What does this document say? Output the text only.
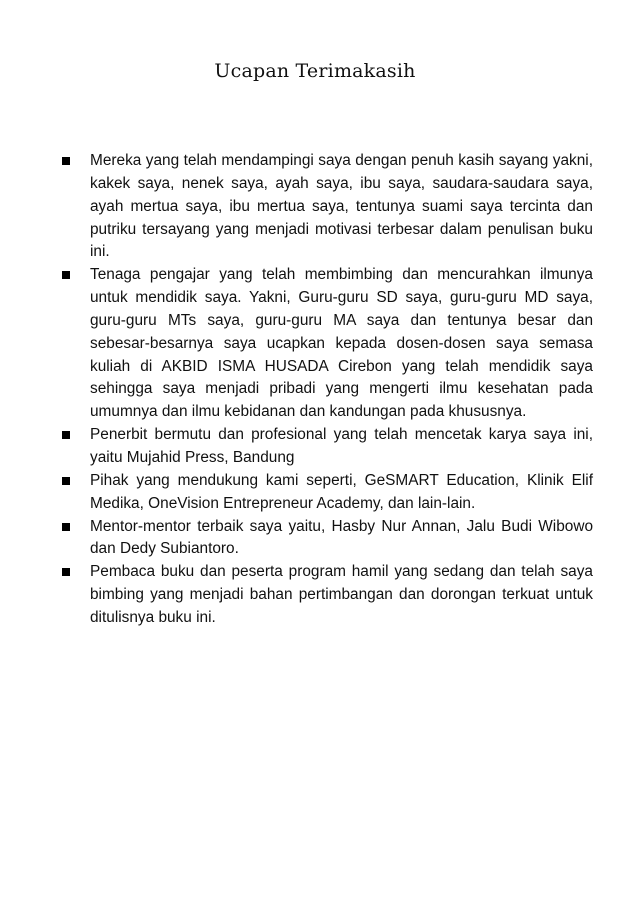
Ucapan Terimakasih
Mereka yang telah mendampingi saya dengan penuh kasih sayang yakni, kakek saya, nenek saya, ayah saya, ibu saya, saudara-saudara saya, ayah mertua saya, ibu mertua saya, tentunya suami saya tercinta dan putriku tersayang yang menjadi motivasi terbesar dalam penulisan buku ini.
Tenaga pengajar yang telah membimbing dan mencurahkan ilmunya untuk mendidik saya. Yakni, Guru-guru SD saya, guru-guru MD saya, guru-guru MTs saya, guru-guru MA saya dan tentunya besar dan sebesar-besarnya saya ucapkan kepada dosen-dosen saya semasa kuliah di AKBID ISMA HUSADA Cirebon yang telah mendidik saya sehingga saya menjadi pribadi yang mengerti ilmu kesehatan pada umumnya dan ilmu kebidanan dan kandungan pada khususnya.
Penerbit bermutu dan profesional yang telah mencetak karya saya ini, yaitu Mujahid Press, Bandung
Pihak yang mendukung kami seperti, GeSMART Education, Klinik Elif Medika, OneVision Entrepreneur Academy, dan lain-lain.
Mentor-mentor terbaik saya yaitu, Hasby Nur Annan, Jalu Budi Wibowo dan Dedy Subiantoro.
Pembaca buku dan peserta program hamil yang sedang dan telah saya bimbing yang menjadi bahan pertimbangan dan dorongan terkuat untuk ditulisnya buku ini.
